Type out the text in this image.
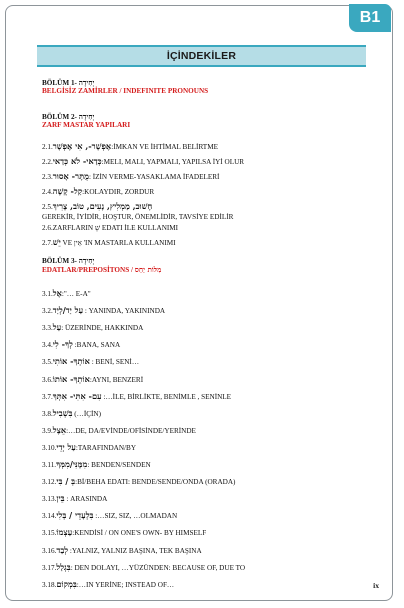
B1
İÇİNDEKİLER
BÖLÜM 1- יְחִידָה
BELGİSİZ ZAMİRLER / INDEFINITE PRONOUNS
BÖLÜM 2- יְחִידָה
ZARF MASTAR YAPILARI
2.1.אֶפְשָׁר-, אִי אֶפְשָׁר:İMKAN VE İHTİMAL BELİRTME
2.2.כְּדַאי- לֹא כְּדַאי:MELI, MALI, YAPMALI, YAPILSA İYİ OLUR
2.3.מֻתָּר- אָסוּר: İZİN VERME-YASAKLAMA İFADELERİ
2.4.קַל- קָשֶׁה:KOLAYDIR, ZORDUR
2.5.חָשׁוּב, מַמְלִיץ, נָעִים, טוֹב, צָרִיךְ
GEREKİR, İYİDİR, HOŞTUR, ÖNEMLİDİR, TAVSİYE EDİLİR
2.6.ZARFLARIN שֶׁ EDATI İLE KULLANIMI
2.7.יֵשׁ VE אֵין 'IN MASTARLA KULLANIMI
BÖLÜM 3- יְחִידָה
EDATLAR/PREPOSİTONS / מִלּוֹת יַחַס
3.1.אֶל:"… E-A"
3.2.עַל יַד/לְיַד : YANINDA, YAKININDA
3.3.עַל: ÜZERİNDE, HAKKINDA
3.4.לְךָ- לִי :BANA, SANA
3.5.אוֹתְךָ- אוֹתִי : BENİ, SENİ…
3.6.אוֹתְךָ- אוֹתוֹ:AYNI, BENZERİ
3.7.עִם- אִתִּי- אִתְּךָ :…İLE, BİRLİKTE, BENİMLE , SENİNLE
3.8.בִּשְׁבִיל (…İÇİN)
3.9.אֵצֶל:…DE, DA/EVİNDE/OFİSİNDE/YERİNDE
3.10.עַל יְדֵי:TARAFINDAN/BY
3.11.מִמֶּנִּי/מִמְּךָ: BENDEN/SENDEN
3.12.בְּ / בִּי:Bİ/BEHA EDATI: BENDE/SENDE/ONDA (ORADA)
3.13.בֵּין : ARASINDA
3.14.בִּלְעָדֵי / בְּלִי :…SIZ, SIZ, …OLMADAN
3.15.עַצְמוֹ:KENDİSİ / ON ONE'S OWN- BY HIMSELF
3.16.לְבַד :YALNIZ, YALNIZ BAŞINA, TEK BAŞINA
3.17.בִּגְלַל: DEN DOLAYI, …YÜZÜNDEN: BECAUSE OF, DUE TO
3.18.בִּמְקוֹם:…IN YERİNE; INSTEAD OF…	ix
